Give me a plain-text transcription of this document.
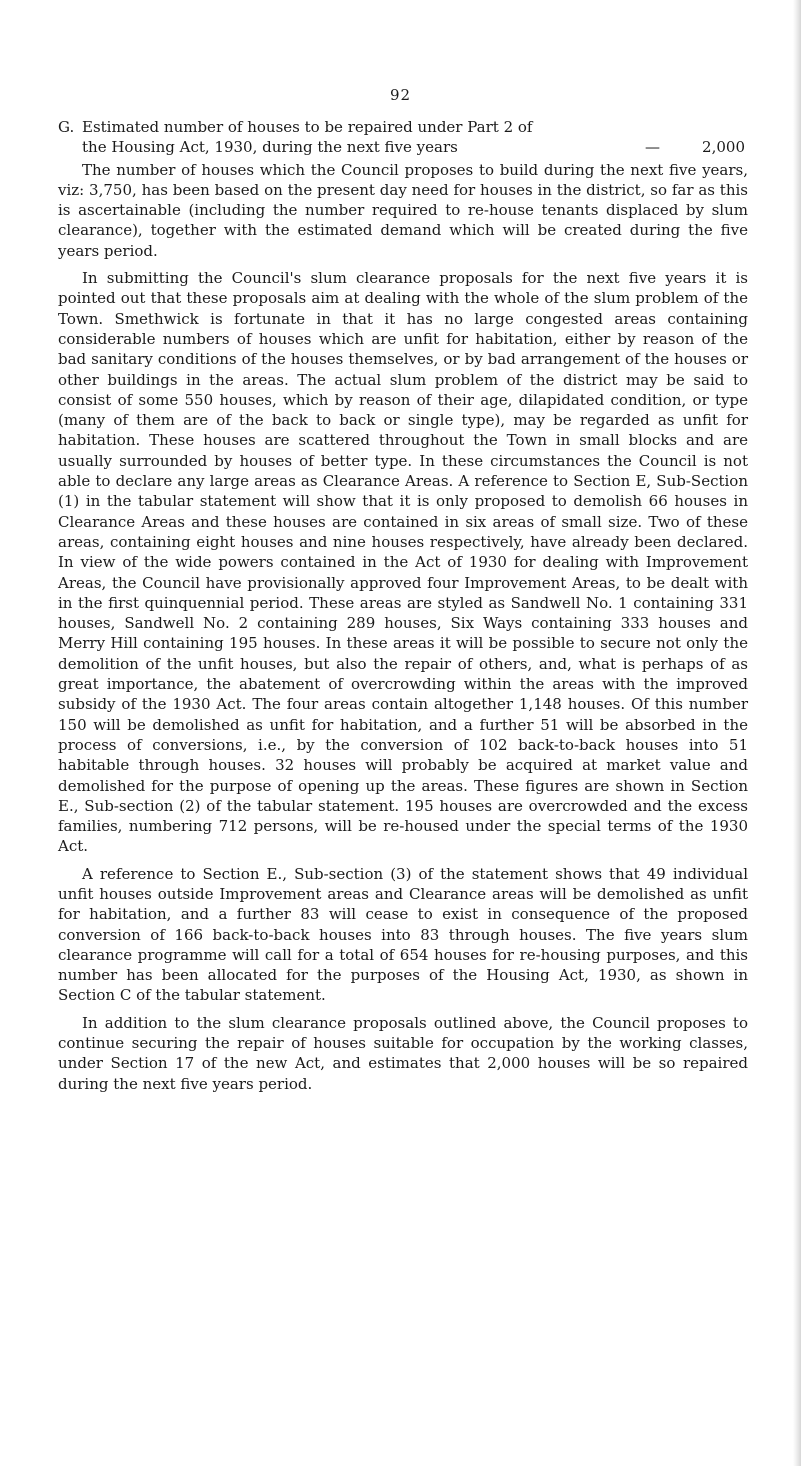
92
G. Estimated number of houses to be repaired under Part 2 of
the Housing Act, 1930, during the next five years	—	2,000

The number of houses which the Council proposes to build during the next five years, viz: 3,750, has been based on the present day need for houses in the district, so far as this is ascertainable (including the number required to re-house tenants displaced by slum clearance), together with the estimated demand which will be created during the five years period.

In submitting the Council's slum clearance proposals for the next five years it is pointed out that these proposals aim at dealing with the whole of the slum problem of the Town. Smethwick is fortunate in that it has no large congested areas containing considerable numbers of houses which are unfit for habitation, either by reason of the bad sanitary conditions of the houses themselves, or by bad arrangement of the houses or other buildings in the areas. The actual slum problem of the district may be said to consist of some 550 houses, which by reason of their age, dilapidated condition, or type (many of them are of the back to back or single type), may be regarded as unfit for habitation. These houses are scattered throughout the Town in small blocks and are usually surrounded by houses of better type. In these circumstances the Council is not able to declare any large areas as Clearance Areas. A reference to Section E, Sub-Section (1) in the tabular statement will show that it is only proposed to demolish 66 houses in Clearance Areas and these houses are contained in six areas of small size. Two of these areas, containing eight houses and nine houses respectively, have already been declared. In view of the wide powers contained in the Act of 1930 for dealing with Improvement Areas, the Council have provisionally approved four Improvement Areas, to be dealt with in the first quinquennial period. These areas are styled as Sandwell No. 1 containing 331 houses, Sandwell No. 2 containing 289 houses, Six Ways containing 333 houses and Merry Hill containing 195 houses. In these areas it will be possible to secure not only the demolition of the unfit houses, but also the repair of others, and, what is perhaps of as great importance, the abatement of overcrowding within the areas with the improved subsidy of the 1930 Act. The four areas contain altogether 1,148 houses. Of this number 150 will be demolished as unfit for habitation, and a further 51 will be absorbed in the process of conversions, i.e., by the conversion of 102 back-to-back houses into 51 habitable through houses. 32 houses will probably be acquired at market value and demolished for the purpose of opening up the areas. These figures are shown in Section E., Sub-section (2) of the tabular statement. 195 houses are overcrowded and the excess families, numbering 712 persons, will be re-housed under the special terms of the 1930 Act.

A reference to Section E., Sub-section (3) of the statement shows that 49 individual unfit houses outside Improvement areas and Clearance areas will be demolished as unfit for habitation, and a further 83 will cease to exist in consequence of the proposed conversion of 166 back-to-back houses into 83 through houses. The five years slum clearance programme will call for a total of 654 houses for re-housing purposes, and this number has been allocated for the purposes of the Housing Act, 1930, as shown in Section C of the tabular statement.

In addition to the slum clearance proposals outlined above, the Council proposes to continue securing the repair of houses suitable for occupation by the working classes, under Section 17 of the new Act, and estimates that 2,000 houses will be so repaired during the next five years period.
